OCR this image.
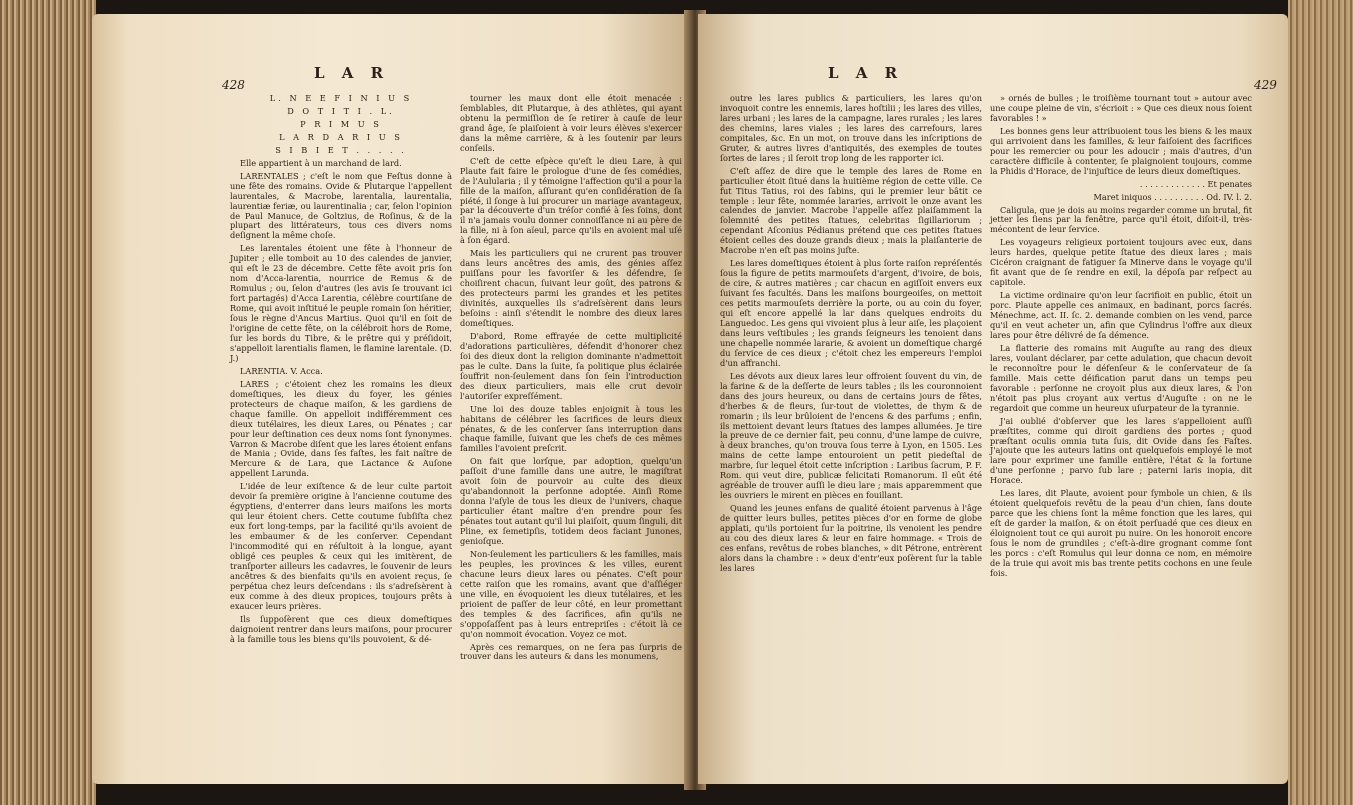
428
L A R

L. N E E F I N I U S

D O T I T I . L.

P R I M U S

L A R D A R I U S

S I B I E T . . . . .

Elle appartient à un marchand de lard.

LARENTALES ; c'eſt le nom que Feſtus donne à une fête des romains. Ovide & Plutarque l'appellent laurentales, & Macrobe, larentalia, laurentalia, laurentiæ feriæ, ou laurentinalia ; car, ſelon l'opinion de Paul Manuce, de Goltzius, de Roſinus, & de la plupart des littérateurs, tous ces divers noms deſignent la même choſe.

Les larentales étoient une fête à l'honneur de Jupiter ; elle tomboit au 10 des calendes de janvier, qui eſt le 23 de décembre. Cette fête avoit pris ſon nom d'Acca-larentia, nourrice de Remus & de Romulus ; ou, ſelon d'autres (les avis ſe trouvant ici fort partagés) d'Acca Larentia, célèbre courtiſane de Rome, qui avoit inſtitué le peuple romain ſon héritier, ſous le règne d'Ancus Martius. Quoi qu'il en ſoit de l'origine de cette fête, on la célébroit hors de Rome, ſur les bords du Tibre, & le prêtre qui y préſidoit, s'appelloit larentialis flamen, le flamine larentale. (D. J.)

LARENTIA. V. Acca.

LARES ; c'étoient chez les romains les dieux domeſtiques, les dieux du foyer, les génies protecteurs de chaque maiſon, & les gardiens de chaque famille. On appelloit indifféremment ces dieux tutélaires, les dieux Lares, ou Pénates ; car pour leur deſtination ces deux noms ſont ſynonymes. Varron & Macrobe diſent que les lares étoient enfans de Mania ; Ovide, dans ſes faſtes, les fait naître de Mercure & de Lara, que Lactance & Auſone appellent Larunda.

L'idée de leur exiſtence & de leur culte partoit devoir ſa première origine à l'ancienne coutume des égyptiens, d'enterrer dans leurs maiſons les morts qui leur étoient chers. Cette coutume ſubſiſta chez eux fort long-temps, par la facilité qu'ils avoient de les embaumer & de les conſerver. Cependant l'incommodité qui en réſultoit à la longue, ayant obligé ces peuples & ceux qui les imitèrent, de tranſporter ailleurs les cadavres, le ſouvenir de leurs ancêtres & des bienfaits qu'ils en avoient reçus, ſe perpétua chez leurs deſcendans : ils s'adreſsèrent à eux comme à des dieux propices, toujours prêts à exaucer leurs prières.

Ils ſuppoſèrent que ces dieux domeſtiques daignoient rentrer dans leurs maiſons, pour procurer à la famille tous les biens qu'ils pouvoient, & dé-

tourner les maux dont elle étoit menacée : ſemblables, dit Plutarque, à des athlètes, qui ayant obtenu la permiſſion de ſe retirer à cauſe de leur grand âge, ſe plaiſoient à voir leurs élèves s'exercer dans la même carrière, & à les ſoutenir par leurs conſeils.

C'eſt de cette eſpèce qu'eſt le dieu Lare, à qui Plaute fait faire le prologue d'une de ſes comédies, de l'Aulularia ; il y témoigne l'affection qu'il a pour la fille de la maiſon, aſſurant qu'en conſidération de ſa piété, il ſonge à lui procurer un mariage avantageux, par la découverte d'un tréſor confié à ſes ſoins, dont il n'a jamais voulu donner connoiſſance ni au père de la fille, ni à ſon aïeul, parce qu'ils en avoient mal uſé à ſon égard.

Mais les particuliers qui ne crurent pas trouver dans leurs ancêtres des amis, des génies aſſez puiſſans pour les favoriſer & les défendre, ſe choiſirent chacun, ſuivant leur goût, des patrons & des protecteurs parmi les grandes et les petites divinités, auxquelles ils s'adreſsèrent dans leurs beſoins : ainſi s'étendit le nombre des dieux lares domeſtiques.

D'abord, Rome effrayée de cette multiplicité d'adorations particulières, défendit d'honorer chez ſoi des dieux dont la religion dominante n'admettoit pas le culte. Dans la ſuite, ſa politique plus éclairée ſouffrit non-ſeulement dans ſon ſein l'introduction des dieux particuliers, mais elle crut devoir l'autoriſer expreſſément.

Une loi des douze tables enjoignit à tous les habitans de célébrer les ſacrifices de leurs dieux pénates, & de les conſerver ſans interruption dans chaque famille, ſuivant que les chefs de ces mêmes familles l'avoient preſcrit.

On fait que lorſque, par adoption, quelqu'un paſſoit d'une famille dans une autre, le magiſtrat avoit ſoin de pourvoir au culte des dieux qu'abandonnoit la perſonne adoptée. Ainſi Rome donna l'aſyle de tous les dieux de l'univers, chaque particulier étant maître d'en prendre pour ſes pénates tout autant qu'il lui plaiſoit, quum ſinguli, dit Pline, ex ſemetipſis, totidem deos faciant Junones, genioſque.

Non-ſeulement les particuliers & les familles, mais les peuples, les provinces & les villes, eurent chacune leurs dieux lares ou pénates. C'eſt pour cette raiſon que les romains, avant que d'aſſiéger une ville, en évoquoient les dieux tutélaires, et les prioient de paſſer de leur côté, en leur promettant des temples & des ſacrifices, afin qu'ils ne s'oppoſaſſent pas à leurs entrepriſes : c'étoit là ce qu'on nommoit évocation. Voyez ce mot.

Après ces remarques, on ne ſera pas ſurpris de trouver dans les auteurs & dans les monumens,

L A R
429

outre les lares publics & particuliers, les lares qu'on invoquoit contre les ennemis, lares hoſtilii ; les lares des villes, lares urbani ; les lares de la campagne, lares rurales ; les lares des chemins, lares viales ; les lares des carrefours, lares compitales, &c. En un mot, on trouve dans les inſcriptions de Gruter, & autres livres d'antiquités, des exemples de toutes ſortes de lares ; il ſeroit trop long de les rapporter ici.

C'eſt aſſez de dire que le temple des lares de Rome en particulier étoit ſitué dans la huitième région de cette ville. Ce fut Titus Tatius, roi des ſabins, qui le premier leur bâtit ce temple : leur fête, nommée lararies, arrivoit le onze avant les calendes de janvier. Macrobe l'appelle aſſez plaiſamment la ſolemnité des petites ſtatues, celebritas ſigillariorum ; cependant Aſconius Pédianus prétend que ces petites ſtatues étoient celles des douze grands dieux ; mais la plaiſanterie de Macrobe n'en eſt pas moins juſte.

Les lares domeſtiques étoient à plus ſorte raiſon repréſentés ſous la figure de petits marmouſets d'argent, d'ivoire, de bois, de cire, & autres matières ; car chacun en agiſſoit envers eux ſuivant ſes facultés. Dans les maiſons bourgeoiſes, on mettoit ces petits marmouſets derrière la porte, ou au coin du foyer, qui eſt encore appellé la lar dans quelques endroits du Languedoc. Les gens qui vivoient plus à leur aiſe, les plaçoient dans leurs veſtibules ; les grands ſeigneurs les tenoient dans une chapelle nommée lararie, & avoient un domeſtique chargé du ſervice de ces dieux ; c'étoit chez les empereurs l'emploi d'un affranchi.

Les dévots aux dieux lares leur offroient ſouvent du vin, de la farine & de la deſſerte de leurs tables ; ils les couronnoient dans des jours heureux, ou dans de certains jours de fêtes, d'herbes & de fleurs, ſur-tout de violettes, de thym & de romarin ; ils leur brûloient de l'encens & des parfums ; enfin, ils mettoient devant leurs ſtatues des lampes allumées. Je tire la preuve de ce dernier fait, peu connu, d'une lampe de cuivre, à deux branches, qu'on trouva ſous terre à Lyon, en 1505. Les mains de cette lampe entouroient un petit piedeſtal de marbre, ſur lequel étoit cette inſcription : Laribus ſacrum, P. F. Rom. qui veut dire, publicæ felicitati Romanorum. Il eût été agréable de trouver auſſi le dieu lare ; mais apparemment que les ouvriers le mirent en pièces en fouillant.

Quand les jeunes enfans de qualité étoient parvenus à l'âge de quitter leurs bulles, petites pièces d'or en forme de globe applati, qu'ils portoient ſur la poitrine, ils venoient les pendre au cou des dieux lares & leur en faire hommage. « Trois de ces enfans, revêtus de robes blanches, » dit Pétrone, entrèrent alors dans la chambre : » deux d'entr'eux poſèrent ſur la table les lares

» ornés de bulles ; le troiſième tournant tout » autour avec une coupe pleine de vin, s'écrioit : » Que ces dieux nous ſoient favorables ! »

Les bonnes gens leur attribuoient tous les biens & les maux qui arrivoient dans les familles, & leur faiſoient des ſacrifices pour les remercier ou pour les adoucir ; mais d'autres, d'un caractère difficile à contenter, ſe plaignoient toujours, comme la Phidis d'Horace, de l'injuſtice de leurs dieux domeſtiques.

. . . . . . . . . . . . . Et penates

Maret iniquos . . . . . . . . . . Od. IV. l. 2.

Caligula, que je dois au moins regarder comme un brutal, fit jetter les ſiens par la fenêtre, parce qu'il étoit, diſoit-il, très-mécontent de leur ſervice.

Les voyageurs religieux portoient toujours avec eux, dans leurs hardes, quelque petite ſtatue des dieux lares ; mais Cicéron craignant de fatiguer ſa Minerve dans le voyage qu'il fit avant que de ſe rendre en exil, la dépoſa par reſpect au capitole.

La victime ordinaire qu'on leur ſacrifioit en public, étoit un porc. Plaute appelle ces animaux, en badinant, porcs ſacrés. Ménechme, act. II. ſc. 2. demande combien on les vend, parce qu'il en veut acheter un, afin que Cylindrus l'offre aux dieux lares pour être délivré de ſa démence.

La flatterie des romains mit Auguſte au rang des dieux lares, voulant déclarer, par cette adulation, que chacun devoit le reconnoître pour le défenſeur & le conſervateur de ſa famille. Mais cette déification parut dans un temps peu favorable : perſonne ne croyoit plus aux dieux lares, & l'on n'étoit pas plus croyant aux vertus d'Auguſte : on ne le regardoit que comme un heureux uſurpateur de la tyrannie.

J'ai oublié d'obſerver que les lares s'appelloient auſſi præſtites, comme qui diroit gardiens des portes ; quod præſtant oculis omnia tuta ſuis, dit Ovide dans ſes Faſtes. J'ajoute que les auteurs latins ont quelquefois employé le mot lare pour exprimer une famille entière, l'état & la fortune d'une perſonne ; parvo ſub lare ; paterni laris inopia, dit Horace.

Les lares, dit Plaute, avoient pour ſymbole un chien, & ils étoient quelquefois revêtu de la peau d'un chien, ſans doute parce que les chiens ſont la même fonction que les lares, qui eſt de garder la maiſon, & on étoit perſuadé que ces dieux en éloignoient tout ce qui auroit pu nuire. On les honoroit encore ſous le nom de grundiles ; c'eſt-à-dire grognant comme ſont les porcs : c'eſt Romulus qui leur donna ce nom, en mémoire de la truie qui avoit mis bas trente petits cochons en une ſeule fois.
